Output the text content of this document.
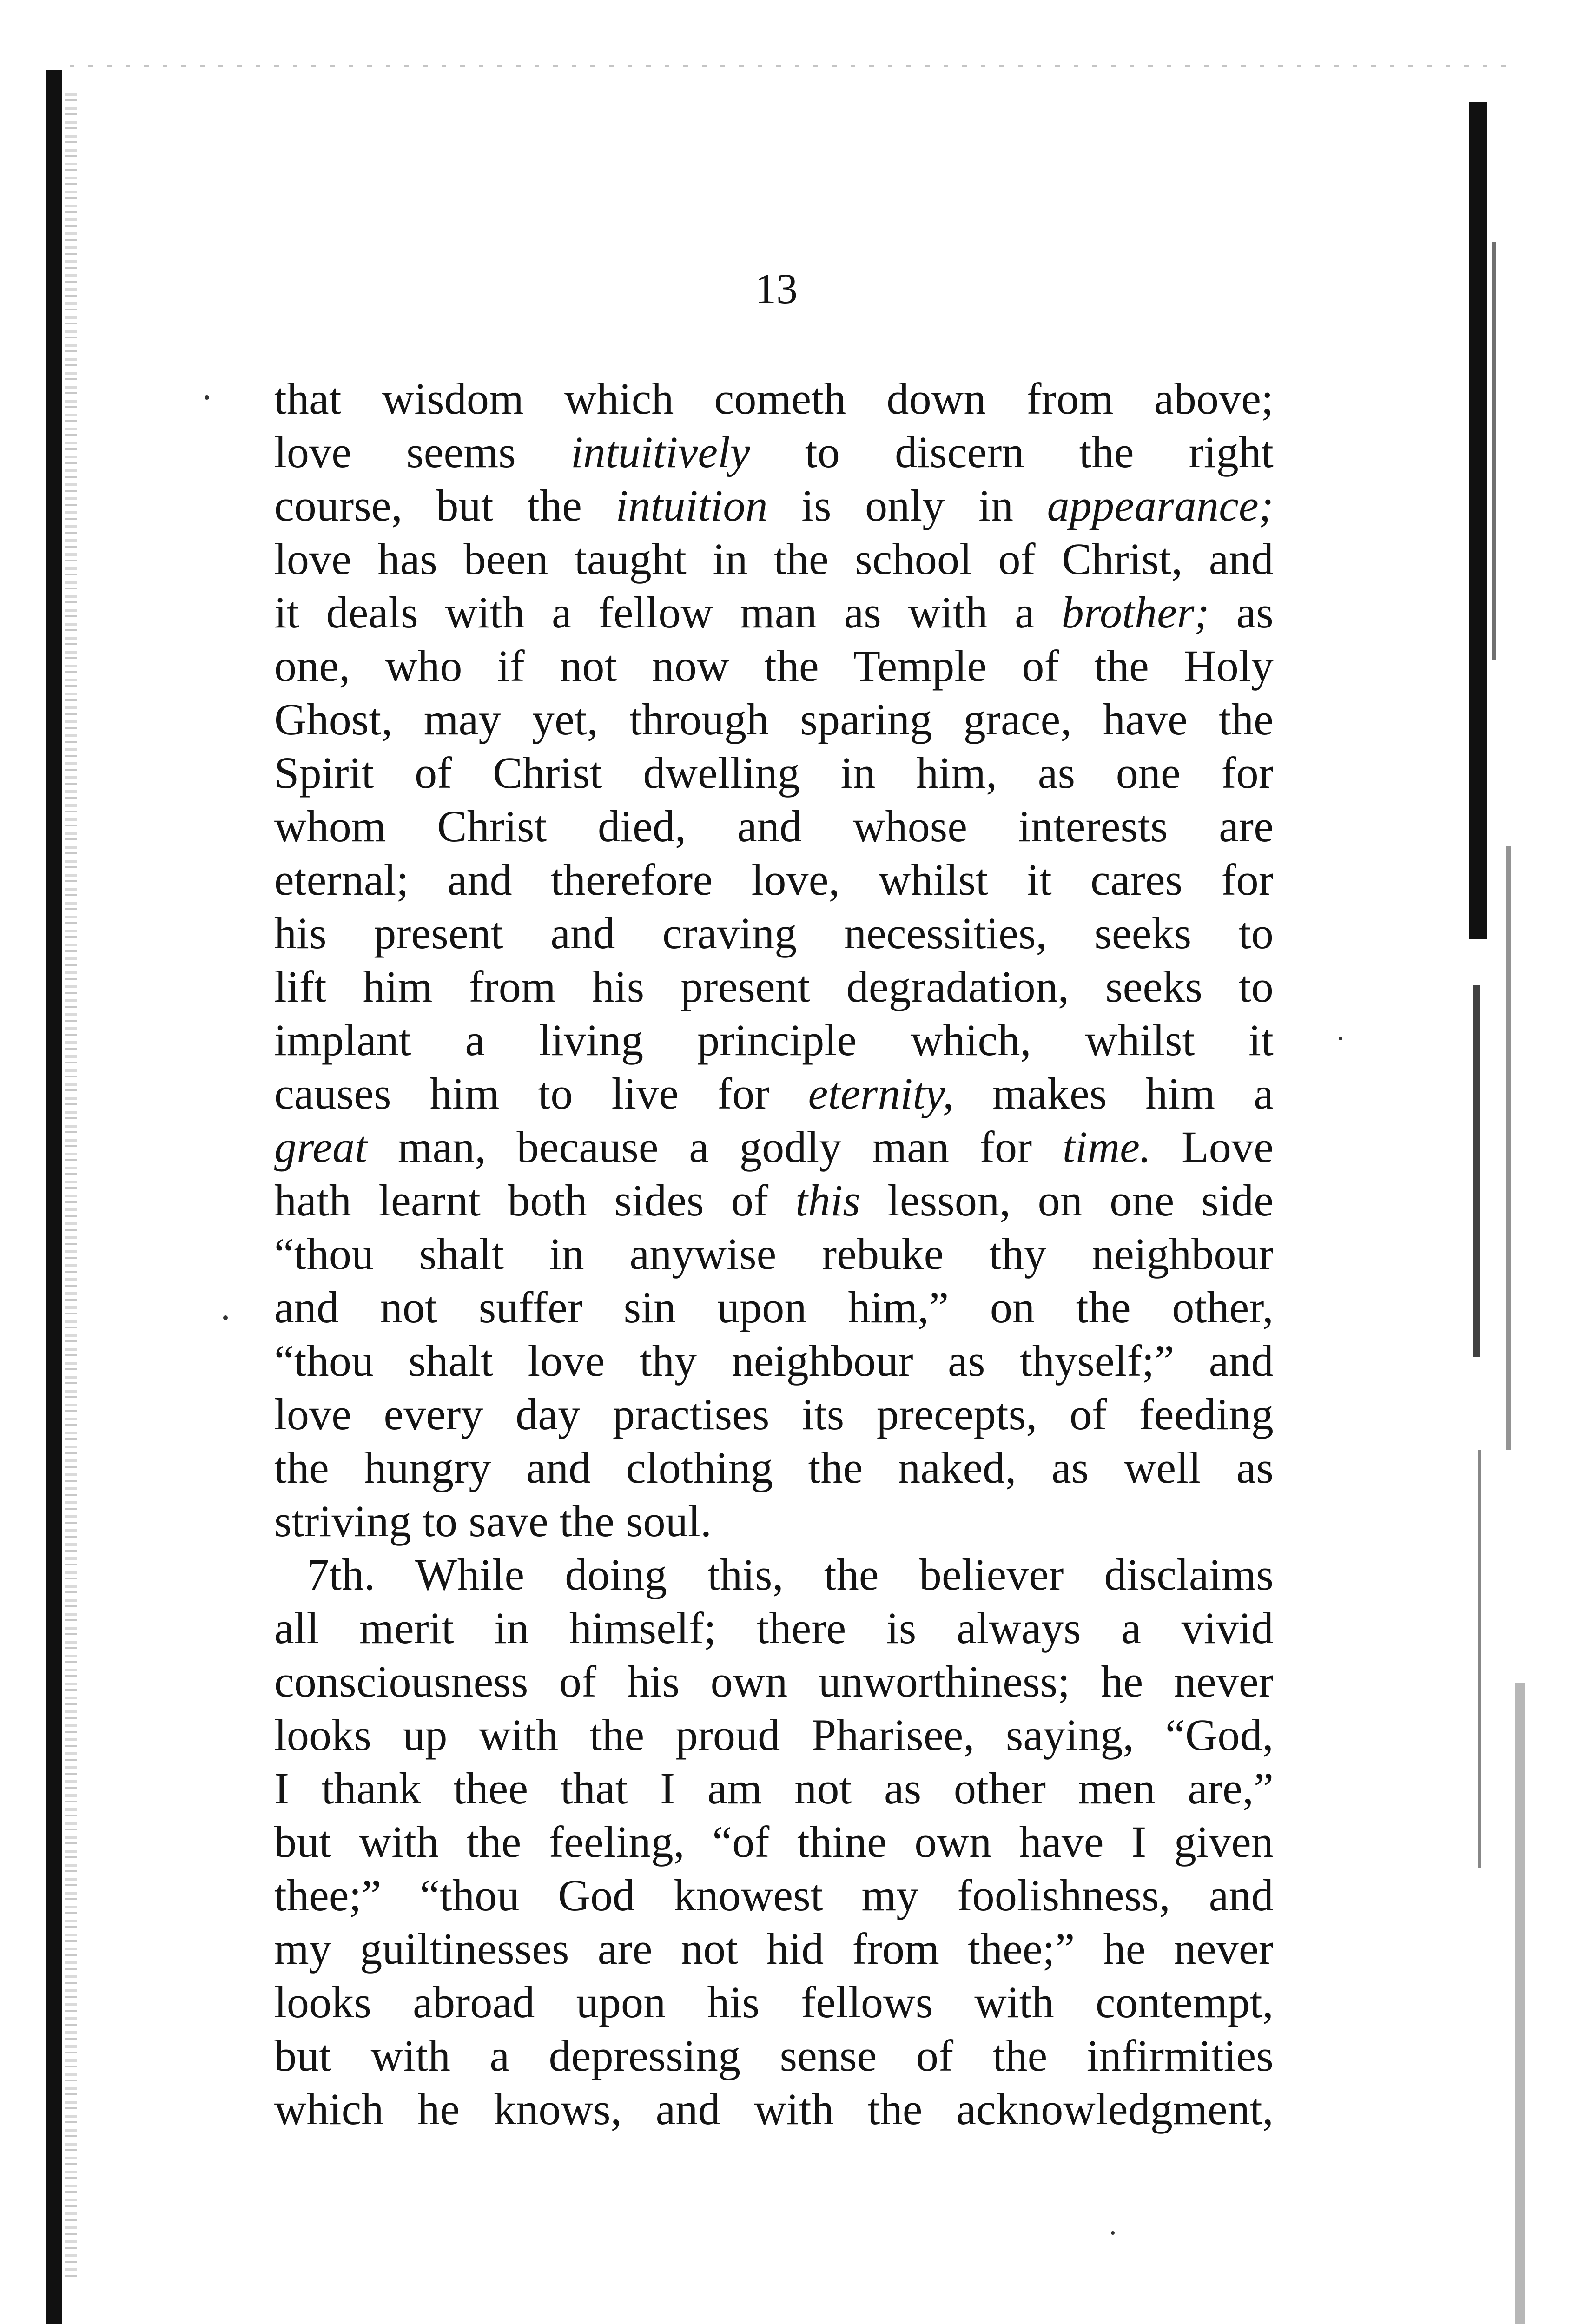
13
that wisdom which cometh down from above;
love seems intuitively to discern the right
course, but the intuition is only in appearance;
love has been taught in the school of Christ, and
it deals with a fellow man as with a brother; as
one, who if not now the Temple of the Holy
Ghost, may yet, through sparing grace, have the
Spirit of Christ dwelling in him, as one for
whom Christ died, and whose interests are
eternal; and therefore love, whilst it cares for
his present and craving necessities, seeks to
lift him from his present degradation, seeks to
implant a living principle which, whilst it
causes him to live for eternity, makes him a
great man, because a godly man for time. Love
hath learnt both sides of this lesson, on one side
“thou shalt in anywise rebuke thy neighbour
and not suffer sin upon him,” on the other,
“thou shalt love thy neighbour as thyself;” and
love every day practises its precepts, of feeding
the hungry and clothing the naked, as well as
striving to save the soul.
7th. While doing this, the believer disclaims
all merit in himself; there is always a vivid
consciousness of his own unworthiness; he never
looks up with the proud Pharisee, saying, “God,
I thank thee that I am not as other men are,”
but with the feeling, “of thine own have I given
thee;” “thou God knowest my foolishness, and
my guiltinesses are not hid from thee;” he never
looks abroad upon his fellows with contempt,
but with a depressing sense of the infirmities
which he knows, and with the acknowledgment,
